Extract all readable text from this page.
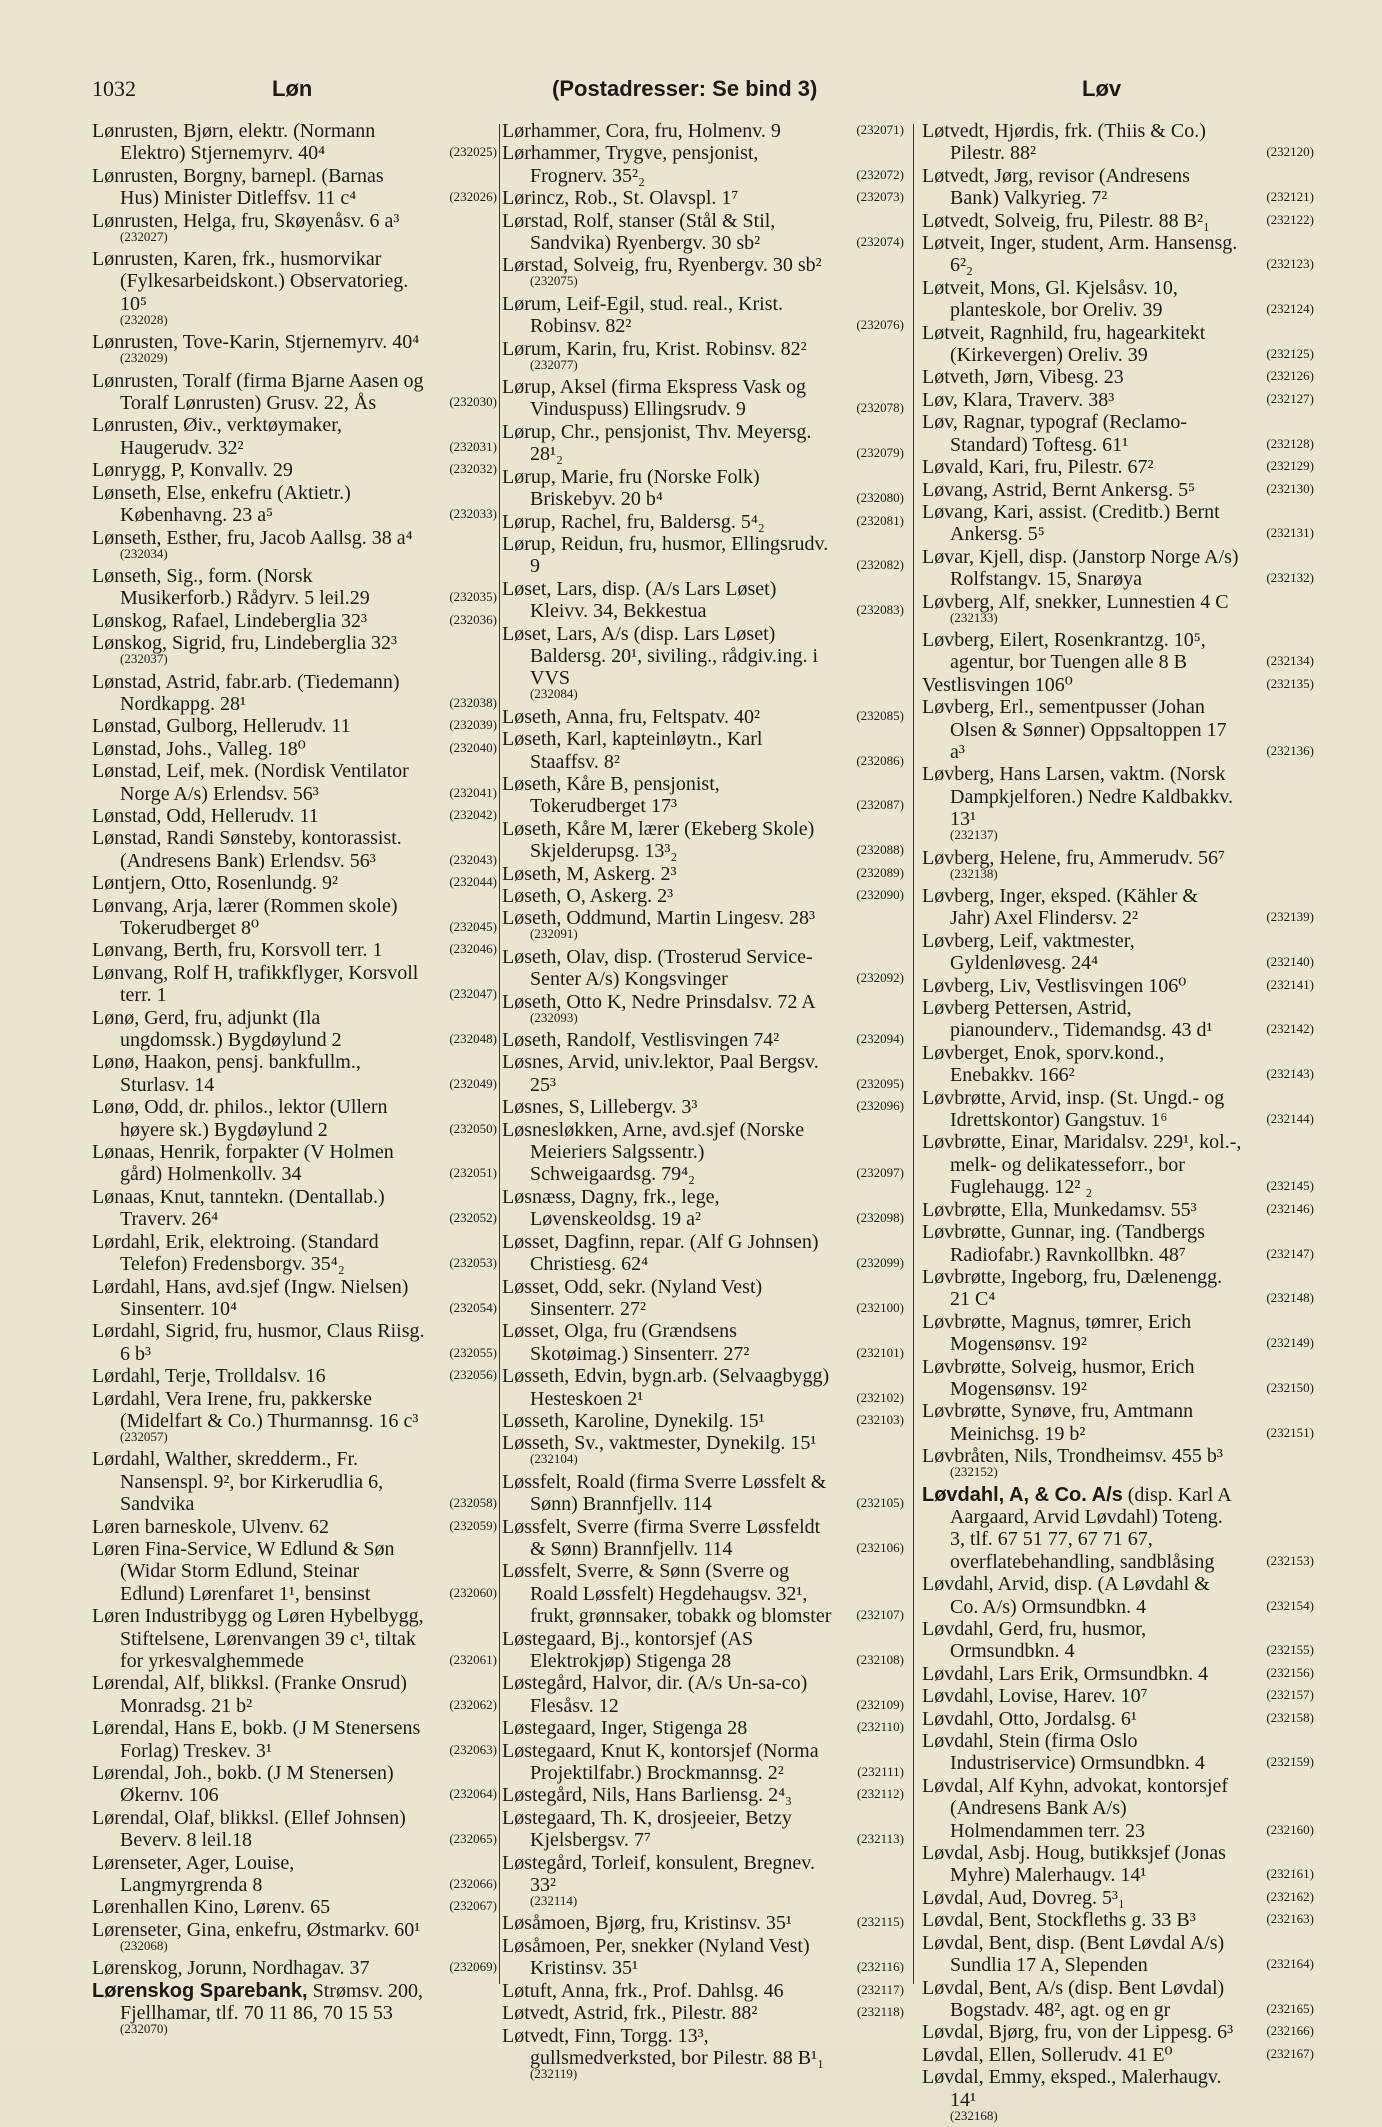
1032	Løn	(Postadresser: Se bind 3)	Løv
Lønrusten, Bjørn, elektr. (Normann Elektro) Stjernemyrv. 40⁴	(232025)
Lønrusten, Borgny, barnepl. (Barnas Hus) Minister Ditleffsv. 11 c⁴	(232026)
Lønrusten, Helga, fru, Skøyenåsv. 6 a³
(232027)
Lønrusten, Karen, frk., husmorvikar (Fylkesarbeidskont.) Observatorieg. 10⁵
(232028)
Lønrusten, Tove-Karin, Stjernemyrv. 40⁴
(232029)
Lønrusten, Toralf (firma Bjarne Aasen og Toralf Lønrusten) Grusv. 22, Ås	(232030)
Lønrusten, Øiv., verktøymaker, Haugerudv. 32²	(232031)
Lønrygg, P, Konvallv. 29	(232032)
Lønseth, Else, enkefru (Aktietr.) Københavng. 23 a⁵	(232033)
Lønseth, Esther, fru, Jacob Aallsg. 38 a⁴
(232034)
Lønseth, Sig., form. (Norsk Musikerforb.) Rådyrv. 5 leil.29	(232035)
Lønskog, Rafael, Lindeberglia 32³	(232036)
Lønskog, Sigrid, fru, Lindeberglia 32³
(232037)
Lønstad, Astrid, fabr.arb. (Tiedemann) Nordkappg. 28¹	(232038)
Lønstad, Gulborg, Hellerudv. 11	(232039)
Lønstad, Johs., Valleg. 18⁰	(232040)
Lønstad, Leif, mek. (Nordisk Ventilator Norge A/s) Erlendsv. 56³	(232041)
Lønstad, Odd, Hellerudv. 11	(232042)
Lønstad, Randi Sønsteby, kontorassist. (Andresens Bank) Erlendsv. 56³	(232043)
Løntjern, Otto, Rosenlundg. 9²	(232044)
Lønvang, Arja, lærer (Rommen skole) Tokerudberget 8⁰	(232045)
Lønvang, Berth, fru, Korsvoll terr. 1	(232046)
Lønvang, Rolf H, trafikkflyger, Korsvoll terr. 1	(232047)
Lønø, Gerd, fru, adjunkt (Ila ungdomssk.) Bygdøylund 2	(232048)
Lønø, Haakon, pensj. bankfullm., Sturlasv. 14	(232049)
Lønø, Odd, dr. philos., lektor (Ullern høyere sk.) Bygdøylund 2	(232050)
Lønaas, Henrik, forpakter (V Holmen gård) Holmenkollv. 34	(232051)
Lønaas, Knut, tanntekn. (Dentallab.) Traverv. 26⁴	(232052)
Lørdahl, Erik, elektroing. (Standard Telefon) Fredensborgv. 35⁴₂	(232053)
Lørdahl, Hans, avd.sjef (Ingw. Nielsen) Sinsenterr. 10⁴	(232054)
Lørdahl, Sigrid, fru, husmor, Claus Riisg. 6 b³	(232055)
Lørdahl, Terje, Trolldalsv. 16	(232056)
Lørdahl, Vera Irene, fru, pakkerske (Midelfart & Co.) Thurmannsg. 16 c³
(232057)
Lørdahl, Walther, skredderm., Fr. Nansenspl. 9², bor Kirkerudlia 6, Sandvika	(232058)
Løren barneskole, Ulvenv. 62	(232059)
Løren Fina-Service, W Edlund & Søn (Widar Storm Edlund, Steinar Edlund) Lørenfaret 1¹, bensinst	(232060)
Løren Industribygg og Løren Hybelbygg, Stiftelsene, Lørenvangen 39 c¹, tiltak for yrkesvalghemmede	(232061)
Lørendal, Alf, blikksl. (Franke Onsrud) Monradsg. 21 b²	(232062)
Lørendal, Hans E, bokb. (J M Stenersens Forlag) Treskev. 3¹	(232063)
Lørendal, Joh., bokb. (J M Stenersen) Økernv. 106	(232064)
Lørendal, Olaf, blikksl. (Ellef Johnsen) Beverv. 8 leil.18	(232065)
Lørenseter, Ager, Louise, Langmyrgrenda 8	(232066)
Lørenhallen Kino, Lørenv. 65	(232067)
Lørenseter, Gina, enkefru, Østmarkv. 60¹
(232068)
Lørenskog, Jorunn, Nordhagav. 37	(232069)
Lørenskog Sparebank, Strømsv. 200, Fjellhamar, tlf. 70 11 86, 70 15 53
(232070)
Lørhammer, Cora, fru, Holmenv. 9	(232071)
Lørhammer, Trygve, pensjonist, Frognerv. 35²₂	(232072)
Lørincz, Rob., St. Olavspl. 1⁷	(232073)
Lørstad, Rolf, stanser (Stål & Stil, Sandvika) Ryenbergv. 30 sb²	(232074)
Lørstad, Solveig, fru, Ryenbergv. 30 sb²
(232075)
Lørum, Leif-Egil, stud. real., Krist. Robinsv. 82²	(232076)
Lørum, Karin, fru, Krist. Robinsv. 82²
(232077)
Lørup, Aksel (firma Ekspress Vask og Vinduspuss) Ellingsrudv. 9	(232078)
Lørup, Chr., pensjonist, Thv. Meyersg. 28¹₂	(232079)
Lørup, Marie, fru (Norske Folk) Briskebyv. 20 b⁴	(232080)
Lørup, Rachel, fru, Baldersg. 5⁴₂	(232081)
Lørup, Reidun, fru, husmor, Ellingsrudv. 9	(232082)
Løset, Lars, disp. (A/s Lars Løset) Kleivv. 34, Bekkestua	(232083)
Løset, Lars, A/s (disp. Lars Løset) Baldersg. 20¹, siviling., rådgiv.ing. i VVS
(232084)
Løseth, Anna, fru, Feltspatv. 40²	(232085)
Løseth, Karl, kapteinløytn., Karl Staaffsv. 8²	(232086)
Løseth, Kåre B, pensjonist, Tokerudberget 17³	(232087)
Løseth, Kåre M, lærer (Ekeberg Skole) Skjelderupsg. 13³₂	(232088)
Løseth, M, Askerg. 2³	(232089)
Løseth, O, Askerg. 2³	(232090)
Løseth, Oddmund, Martin Lingesv. 28³
(232091)
Løseth, Olav, disp. (Trosterud Service-Senter A/s) Kongsvinger	(232092)
Løseth, Otto K, Nedre Prinsdalsv. 72 A
(232093)
Løseth, Randolf, Vestlisvingen 74²	(232094)
Løsnes, Arvid, univ.lektor, Paal Bergsv. 25³	(232095)
Løsnes, S, Lillebergv. 3³	(232096)
Løsnesløkken, Arne, avd.sjef (Norske Meieriers Salgssentr.) Schweigaardsg. 79⁴₂	(232097)
Løsnæss, Dagny, frk., lege, Løvenskeoldsg. 19 a²	(232098)
Løsset, Dagfinn, repar. (Alf G Johnsen) Christiesg. 62⁴	(232099)
Løsset, Odd, sekr. (Nyland Vest) Sinsenterr. 27²	(232100)
Løsset, Olga, fru (Grændsens Skotøimag.) Sinsenterr. 27²	(232101)
Løsseth, Edvin, bygn.arb. (Selvaagbygg) Hesteskoen 2¹	(232102)
Løsseth, Karoline, Dynekilg. 15¹	(232103)
Løsseth, Sv., vaktmester, Dynekilg. 15¹
(232104)
Løssfelt, Roald (firma Sverre Løssfelt & Sønn) Brannfjellv. 114	(232105)
Løssfelt, Sverre (firma Sverre Løssfeldt & Sønn) Brannfjellv. 114	(232106)
Løssfelt, Sverre, & Sønn (Sverre og Roald Løssfelt) Hegdehaugsv. 32¹, frukt, grønnsaker, tobakk og blomster (232107)
Løstegaard, Bj., kontorsjef (AS Elektrokjøp) Stigenga 28	(232108)
Løstegård, Halvor, dir. (A/s Un-sa-co) Flesåsv. 12	(232109)
Løstegaard, Inger, Stigenga 28	(232110)
Løstegaard, Knut K, kontorsjef (Norma Projektilfabr.) Brockmannsg. 2²	(232111)
Løstegård, Nils, Hans Barliensg. 2⁴₃	(232112)
Løstegaard, Th. K, drosjeeier, Betzy Kjelsbergsv. 7⁷	(232113)
Løstegård, Torleif, konsulent, Bregnev. 33²
(232114)
Løsåmoen, Bjørg, fru, Kristinsv. 35¹	(232115)
Løsåmoen, Per, snekker (Nyland Vest) Kristinsv. 35¹	(232116)
Løtuft, Anna, frk., Prof. Dahlsg. 46	(232117)
Løtvedt, Astrid, frk., Pilestr. 88²	(232118)
Løtvedt, Finn, Torgg. 13³, gullsmedverksted, bor Pilestr. 88 B¹₁
(232119)
Løtvedt, Hjørdis, frk. (Thiis & Co.) Pilestr. 88²	(232120)
Løtvedt, Jørg, revisor (Andresens Bank) Valkyrieg. 7²	(232121)
Løtvedt, Solveig, fru, Pilestr. 88 B²₁	(232122)
Løtveit, Inger, student, Arm. Hansensg. 6²₂	(232123)
Løtveit, Mons, Gl. Kjelsåsv. 10, planteskole, bor Oreliv. 39	(232124)
Løtveit, Ragnhild, fru, hagearkitekt (Kirkevergen) Oreliv. 39	(232125)
Løtveth, Jørn, Vibesg. 23	(232126)
Løv, Klara, Traverv. 38³	(232127)
Løv, Ragnar, typograf (Reclamo-Standard) Toftesg. 61¹	(232128)
Løvald, Kari, fru, Pilestr. 67²	(232129)
Løvang, Astrid, Bernt Ankersg. 5⁵	(232130)
Løvang, Kari, assist. (Creditb.) Bernt Ankersg. 5⁵	(232131)
Løvar, Kjell, disp. (Janstorp Norge A/s) Rolfstangv. 15, Snarøya	(232132)
Løvberg, Alf, snekker, Lunnestien 4 C
(232133)
Løvberg, Eilert, Rosenkrantzg. 10⁵, agentur, bor Tuengen alle 8 B	(232134)
Vestlisvingen 106⁰	(232135)
Løvberg, Erl., sementpusser (Johan Olsen & Sønner) Oppsaltoppen 17 a³	(232136)
Løvberg, Hans Larsen, vaktm. (Norsk Dampkjelforen.) Nedre Kaldbakkv. 13¹
(232137)
Løvberg, Helene, fru, Ammerudv. 56⁷
(232138)
Løvberg, Inger, eksped. (Kähler & Jahr) Axel Flindersv. 2²	(232139)
Løvberg, Leif, vaktmester, Gyldenløvesg. 24⁴	(232140)
Løvberg, Liv, Vestlisvingen 106⁰	(232141)
Løvberg Pettersen, Astrid, pianounderv., Tidemandsg. 43 d¹	(232142)
Løvberget, Enok, sporv.kond., Enebakkv. 166²	(232143)
Løvbrøtte, Arvid, insp. (St. Ungd.- og Idrettskontor) Gangstuv. 1⁶	(232144)
Løvbrøtte, Einar, Maridalsv. 229¹, kol.-, melk- og delikatesseforr., bor Fuglehaugg. 12² ₂	(232145)
Løvbrøtte, Ella, Munkedamsv. 55³	(232146)
Løvbrøtte, Gunnar, ing. (Tandbergs Radiofabr.) Ravnkollbkn. 48⁷	(232147)
Løvbrøtte, Ingeborg, fru, Dælenengg. 21 C⁴	(232148)
Løvbrøtte, Magnus, tømrer, Erich Mogensønsv. 19²	(232149)
Løvbrøtte, Solveig, husmor, Erich Mogensønsv. 19²	(232150)
Løvbrøtte, Synøve, fru, Amtmann Meinichsg. 19 b²	(232151)
Løvbråten, Nils, Trondheimsv. 455 b³
(232152)
Løvdahl, A, & Co. A/s (disp. Karl A Aargaard, Arvid Løvdahl) Toteng. 3, tlf. 67 51 77, 67 71 67, overflatebehandling, sandblåsing	(232153)
Løvdahl, Arvid, disp. (A Løvdahl & Co. A/s) Ormsundbkn. 4	(232154)
Løvdahl, Gerd, fru, husmor, Ormsundbkn. 4	(232155)
Løvdahl, Lars Erik, Ormsundbkn. 4	(232156)
Løvdahl, Lovise, Harev. 10⁷	(232157)
Løvdahl, Otto, Jordalsg. 6¹	(232158)
Løvdahl, Stein (firma Oslo Industriservice) Ormsundbkn. 4	(232159)
Løvdal, Alf Kyhn, advokat, kontorsjef (Andresens Bank A/s) Holmendammen terr. 23	(232160)
Løvdal, Asbj. Houg, butikksjef (Jonas Myhre) Malerhaugv. 14¹	(232161)
Løvdal, Aud, Dovreg. 5³₁	(232162)
Løvdal, Bent, Stockfleths g. 33 B³	(232163)
Løvdal, Bent, disp. (Bent Løvdal A/s) Sundlia 17 A, Slependen	(232164)
Løvdal, Bent, A/s (disp. Bent Løvdal) Bogstadv. 48², agt. og en gr	(232165)
Løvdal, Bjørg, fru, von der Lippesg. 6³	(232166)
Løvdal, Ellen, Sollerudv. 41 E⁰	(232167)
Løvdal, Emmy, eksped., Malerhaugv. 14¹
(232168)
